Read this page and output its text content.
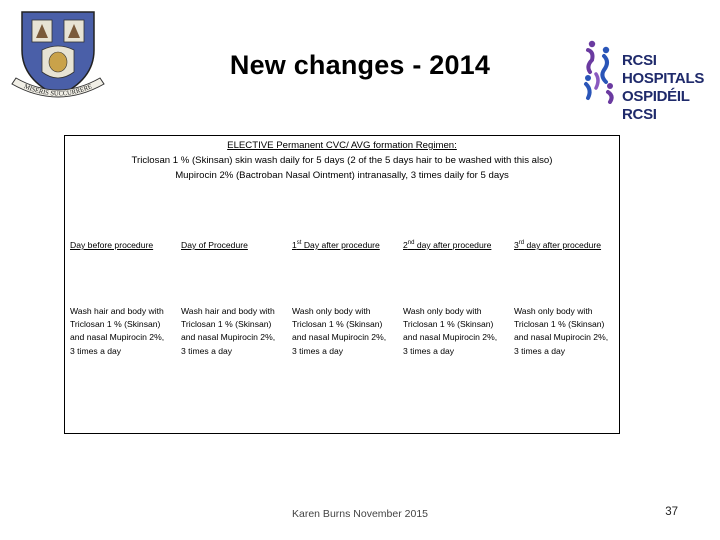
MISERIS SUCCURRERE
New changes - 2014	RCSI HOSPITALS
OSPIDÉIL RCSI
ELECTIVE Permanent CVC/ AVG formation Regimen:
Triclosan 1 % (Skinsan) skin wash daily for 5 days (2 of the 5 days hair to be washed with this also)
Mupirocin 2% (Bactroban Nasal Ointment) intranasally, 3 times daily for 5 days
Day before procedure
Wash hair and body with Triclosan 1 % (Skinsan) and nasal Mupirocin 2%, 3 times a day
Day of Procedure
Wash hair and body with Triclosan 1 % (Skinsan) and nasal Mupirocin 2%, 3 times a day
1st Day after procedure
Wash only body with Triclosan 1 % (Skinsan) and nasal Mupirocin 2%, 3 times a day
2nd day after procedure
Wash only body with Triclosan 1 % (Skinsan) and nasal Mupirocin 2%, 3 times a day
3rd day after procedure
Wash only body with Triclosan 1 % (Skinsan) and nasal Mupirocin 2%, 3 times a day
Karen Burns November 2015	37
